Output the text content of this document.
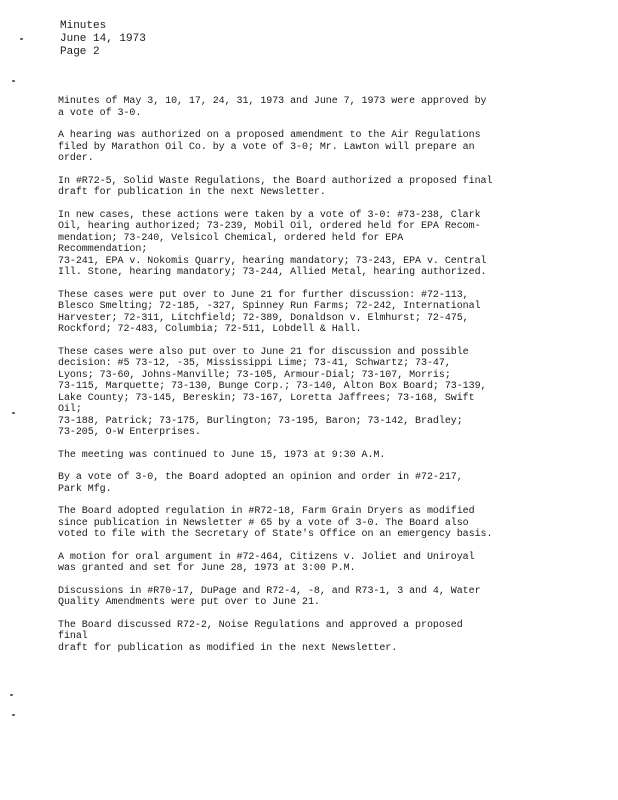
Minutes
June 14, 1973
Page 2

Minutes of May 3, 10, 17, 24, 31, 1973 and June 7, 1973 were approved by
a vote of 3-0.

A hearing was authorized on a proposed amendment to the Air Regulations
filed by Marathon Oil Co. by a vote of 3-0; Mr. Lawton will prepare an
order.

In #R72-5, Solid Waste Regulations, the Board authorized a proposed final
draft for publication in the next Newsletter.

In new cases, these actions were taken by a vote of 3-0: #73-238, Clark
Oil, hearing authorized; 73-239, Mobil Oil, ordered held for EPA Recom-
mendation; 73-240, Velsicol Chemical, ordered held for EPA Recommendation;
73-241, EPA v. Nokomis Quarry, hearing mandatory; 73-243, EPA v. Central
Ill. Stone, hearing mandatory; 73-244, Allied Metal, hearing authorized.

These cases were put over to June 21 for further discussion: #72-113,
Blesco Smelting; 72-185, -327, Spinney Run Farms; 72-242, International
Harvester; 72-311, Litchfield; 72-389, Donaldson v. Elmhurst; 72-475,
Rockford; 72-483, Columbia; 72-511, Lobdell & Hall.

These cases were also put over to June 21 for discussion and possible
decision: #5 73-12, -35, Mississippi Lime; 73-41, Schwartz; 73-47,
Lyons; 73-60, Johns-Manville; 73-105, Armour-Dial; 73-107, Morris;
73-115, Marquette; 73-130, Bunge Corp.; 73-140, Alton Box Board; 73-139,
Lake County; 73-145, Bereskin; 73-167, Loretta Jaffrees; 73-168, Swift Oil;
73-188, Patrick; 73-175, Burlington; 73-195, Baron; 73-142, Bradley;
73-205, O-W Enterprises.

The meeting was continued to June 15, 1973 at 9:30 A.M.

By a vote of 3-0, the Board adopted an opinion and order in #72-217,
Park Mfg.

The Board adopted regulation in #R72-18, Farm Grain Dryers as modified
since publication in Newsletter # 65 by a vote of 3-0. The Board also
voted to file with the Secretary of State's Office on an emergency basis.

A motion for oral argument in #72-464, Citizens v. Joliet and Uniroyal
was granted and set for June 28, 1973 at 3:00 P.M.

Discussions in #R70-17, DuPage and R72-4, -8, and R73-1, 3 and 4, Water
Quality Amendments were put over to June 21.

The Board discussed R72-2, Noise Regulations and approved a proposed final
draft for publication as modified in the next Newsletter.
